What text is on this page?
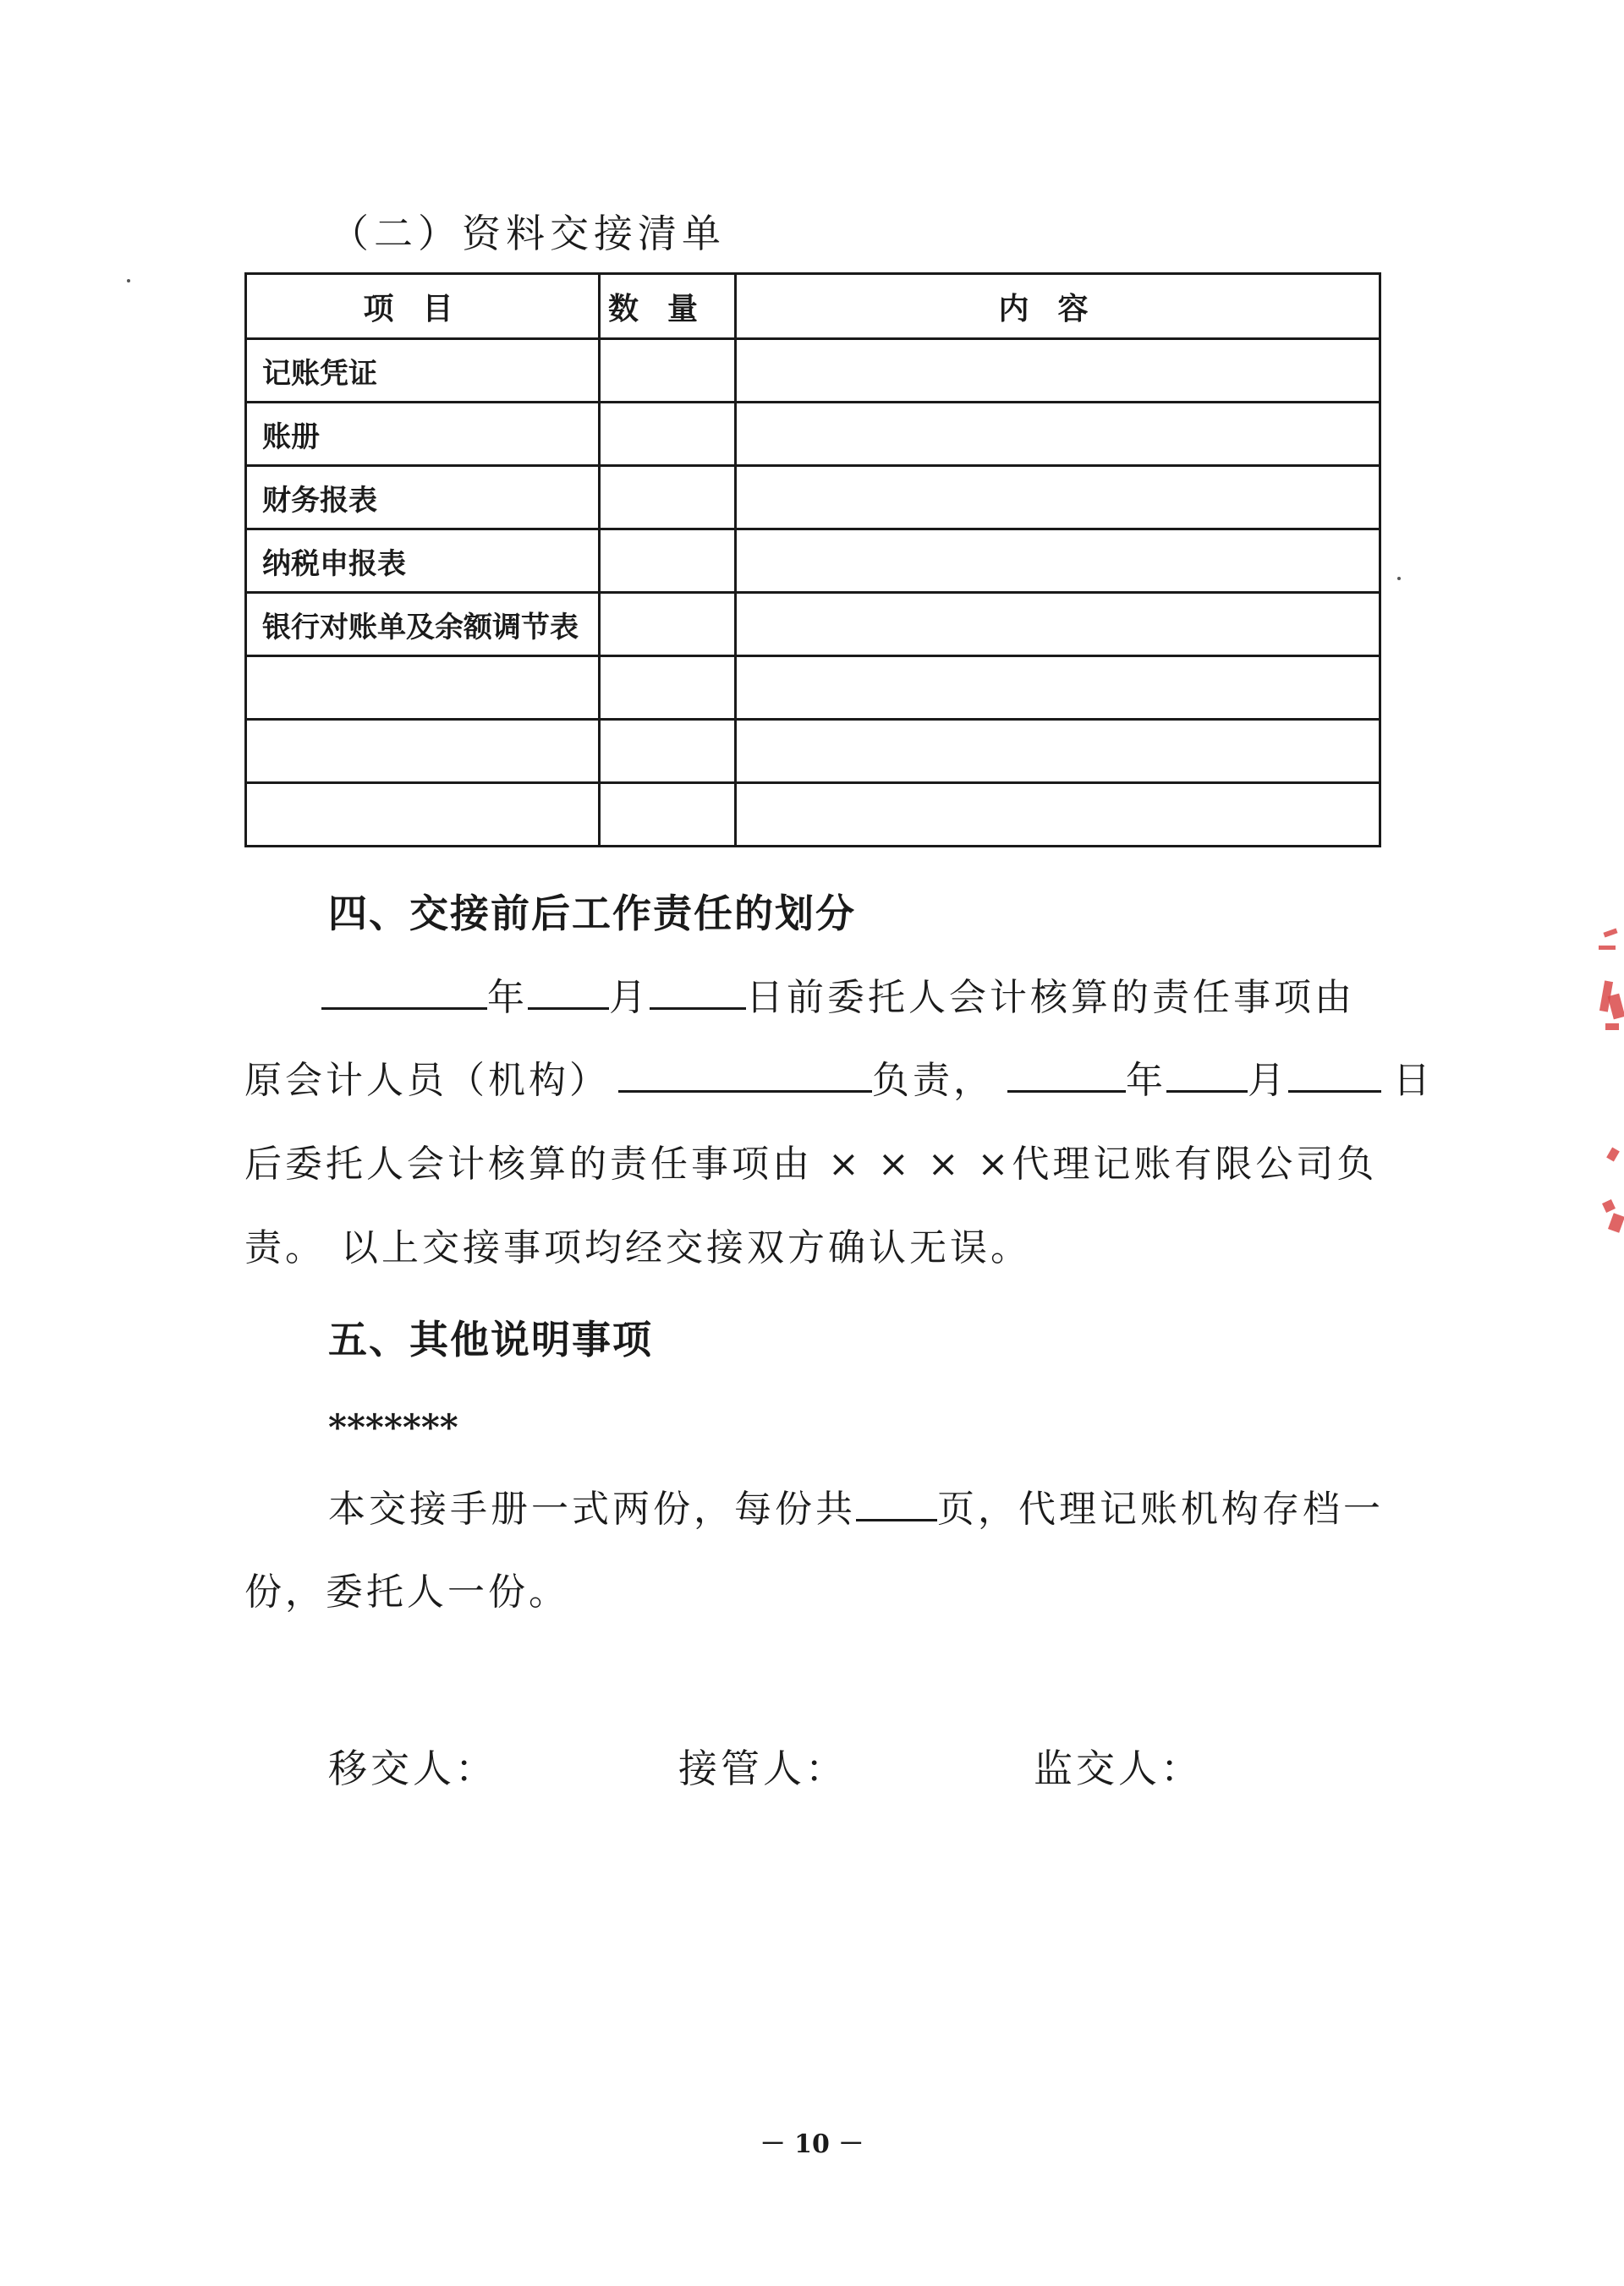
（二）资料交接清单
项目	数量	内容
记账凭证		
账册		
财务报表		
纳税申报表		
银行对账单及余额调节表		

四、交接前后工作责任的划分
年 月	日前委托人会计核算的责任事项由
原会计人员（机构）	负责，	年 月	日
后委托人会计核算的责任事项由 × × × ×代理记账有限公司负
责。 以上交接事项均经交接双方确认无误。
五、其他说明事项
*******
本交接手册一式两份，每份共 页，代理记账机构存档一
份，委托人一份。
移交人：	接管人：	监交人：
－ 10 －
